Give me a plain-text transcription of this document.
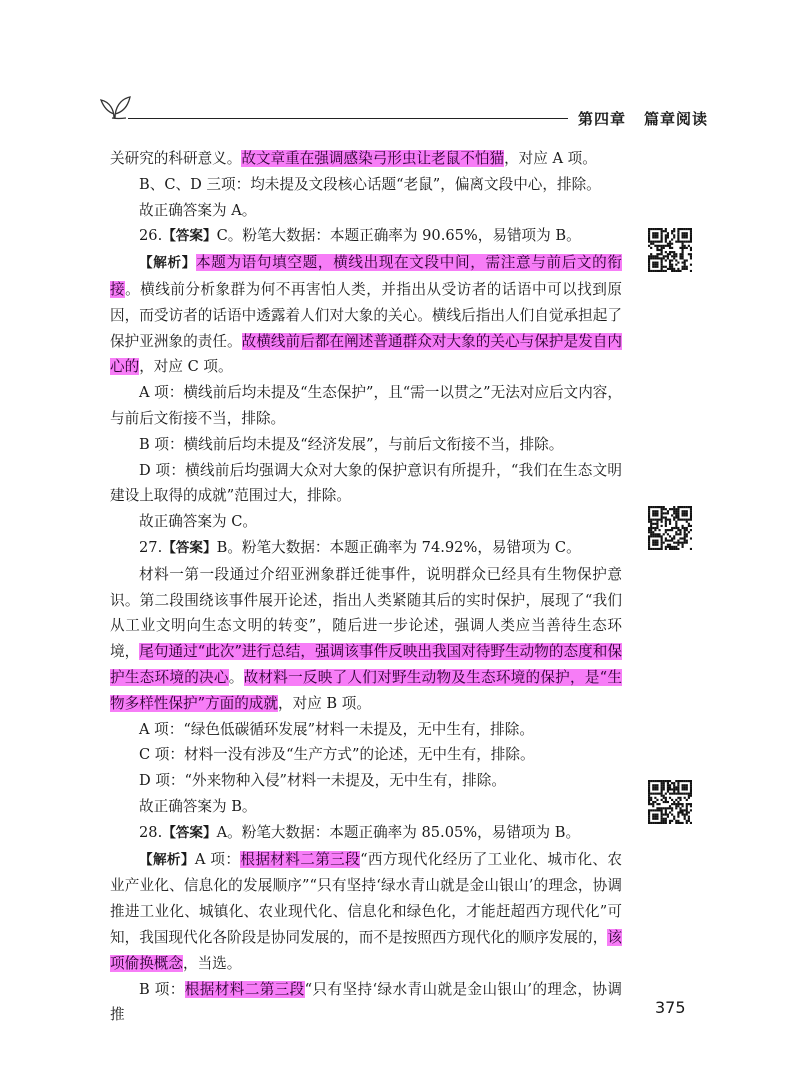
第四章 篇章阅读

关研究的科研意义。故文章重在强调感染弓形虫让老鼠不怕猫，对应 A 项。

B、C、D 三项：均未提及文段核心话题“老鼠”，偏离文段中心，排除。

故正确答案为 A。

26.【答案】C。粉笔大数据：本题正确率为 90.65%，易错项为 B。

【解析】本题为语句填空题，横线出现在文段中间，需注意与前后文的衔接。横线前分析象群为何不再害怕人类，并指出从受访者的话语中可以找到原因，而受访者的话语中透露着人们对大象的关心。横线后指出人们自觉承担起了保护亚洲象的责任。故横线前后都在阐述普通群众对大象的关心与保护是发自内心的，对应 C 项。

A 项：横线前后均未提及“生态保护”，且“需一以贯之”无法对应后文内容，与前后文衔接不当，排除。

B 项：横线前后均未提及“经济发展”，与前后文衔接不当，排除。

D 项：横线前后均强调大众对大象的保护意识有所提升，“我们在生态文明建设上取得的成就”范围过大，排除。

故正确答案为 C。

27.【答案】B。粉笔大数据：本题正确率为 74.92%，易错项为 C。

材料一第一段通过介绍亚洲象群迁徙事件，说明群众已经具有生物保护意识。第二段围绕该事件展开论述，指出人类紧随其后的实时保护，展现了“我们从工业文明向生态文明的转变”，随后进一步论述，强调人类应当善待生态环境，尾句通过“此次”进行总结，强调该事件反映出我国对待野生动物的态度和保护生态环境的决心。故材料一反映了人们对野生动物及生态环境的保护，是“生物多样性保护”方面的成就，对应 B 项。

A 项：“绿色低碳循环发展”材料一未提及，无中生有，排除。

C 项：材料一没有涉及“生产方式”的论述，无中生有，排除。

D 项：“外来物种入侵”材料一未提及，无中生有，排除。

故正确答案为 B。

28.【答案】A。粉笔大数据：本题正确率为 85.05%，易错项为 B。

【解析】A 项：根据材料二第三段“西方现代化经历了工业化、城市化、农业产业化、信息化的发展顺序”“只有坚持‘绿水青山就是金山银山’的理念，协调推进工业化、城镇化、农业现代化、信息化和绿色化，才能赶超西方现代化”可知，我国现代化各阶段是协同发展的，而不是按照西方现代化的顺序发展的，该项偷换概念，当选。

B 项：根据材料二第三段“只有坚持‘绿水青山就是金山银山’的理念，协调推	375
